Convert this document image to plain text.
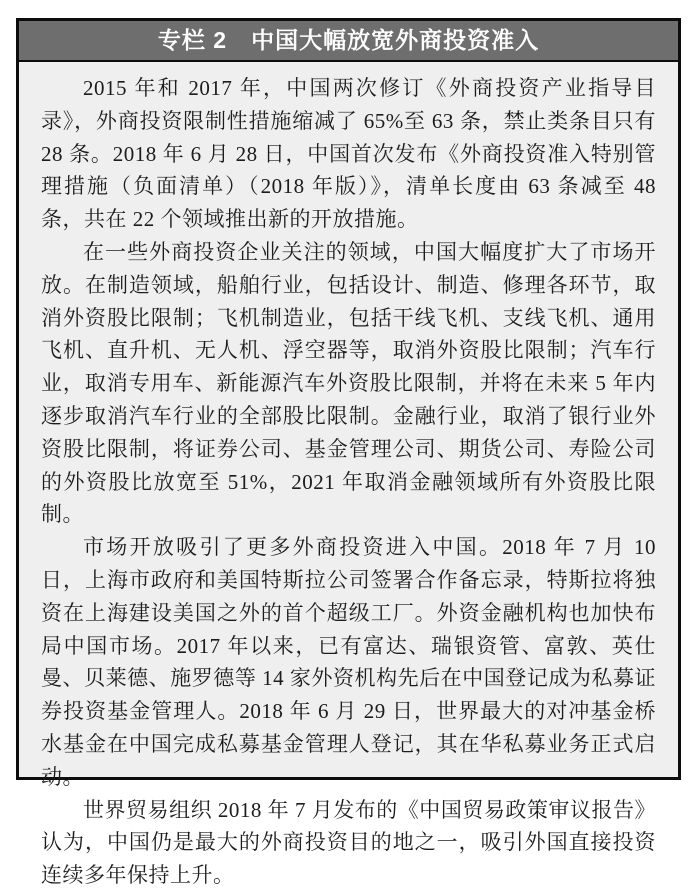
专栏 2　中国大幅放宽外商投资准入

2015 年和 2017 年，中国两次修订《外商投资产业指导目录》，外商投资限制性措施缩减了 65%至 63 条，禁止类条目只有 28 条。2018 年 6 月 28 日，中国首次发布《外商投资准入特别管理措施（负面清单）（2018 年版）》，清单长度由 63 条减至 48 条，共在 22 个领域推出新的开放措施。

在一些外商投资企业关注的领域，中国大幅度扩大了市场开放。在制造领域，船舶行业，包括设计、制造、修理各环节，取消外资股比限制；飞机制造业，包括干线飞机、支线飞机、通用飞机、直升机、无人机、浮空器等，取消外资股比限制；汽车行业，取消专用车、新能源汽车外资股比限制，并将在未来 5 年内逐步取消汽车行业的全部股比限制。金融行业，取消了银行业外资股比限制，将证券公司、基金管理公司、期货公司、寿险公司的外资股比放宽至 51%，2021 年取消金融领域所有外资股比限制。

市场开放吸引了更多外商投资进入中国。2018 年 7 月 10 日，上海市政府和美国特斯拉公司签署合作备忘录，特斯拉将独资在上海建设美国之外的首个超级工厂。外资金融机构也加快布局中国市场。2017 年以来，已有富达、瑞银资管、富敦、英仕曼、贝莱德、施罗德等 14 家外资机构先后在中国登记成为私募证券投资基金管理人。2018 年 6 月 29 日，世界最大的对冲基金桥水基金在中国完成私募基金管理人登记，其在华私募业务正式启动。

世界贸易组织 2018 年 7 月发布的《中国贸易政策审议报告》认为，中国仍是最大的外商投资目的地之一，吸引外国直接投资连续多年保持上升。
